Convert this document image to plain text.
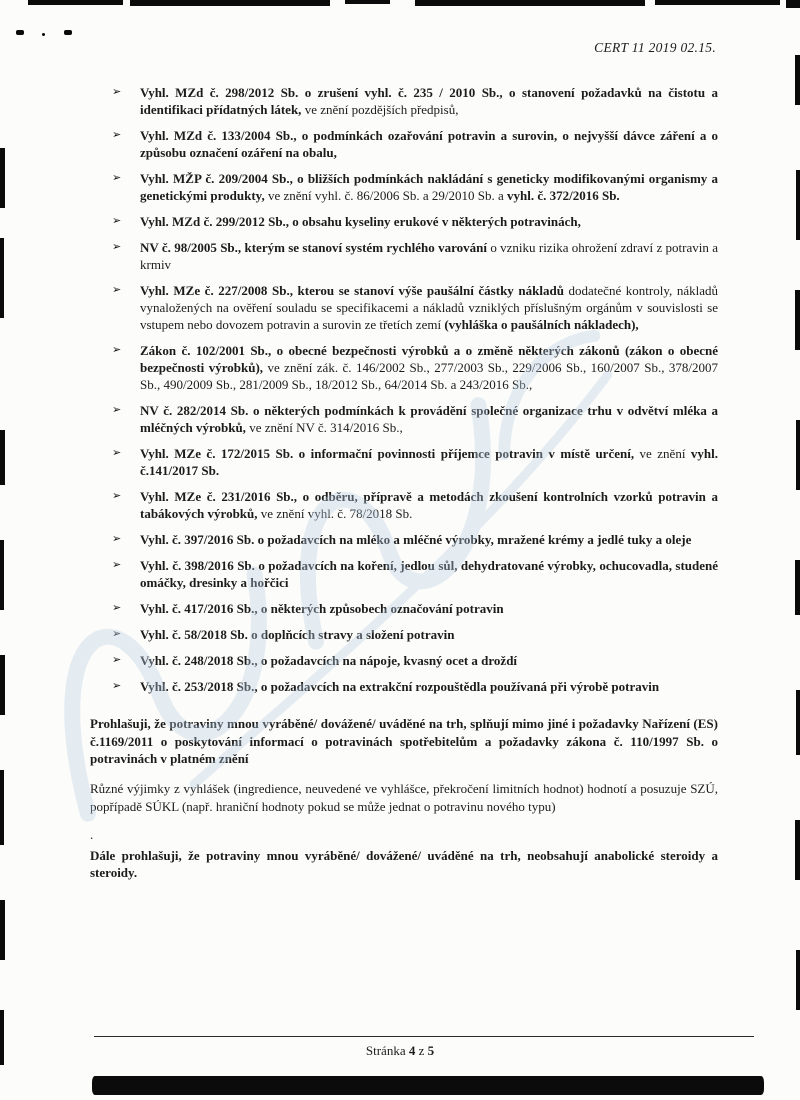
CERT 11 2019 02.15.
➢ Vyhl. MZd č. 298/2012 Sb. o zrušení vyhl. č. 235 / 2010 Sb., o stanovení požadavků na čistotu a identifikaci přídatných látek, ve znění pozdějších předpisů,
➢ Vyhl. MZd č. 133/2004 Sb., o podmínkách ozařování potravin a surovin, o nejvyšší dávce záření a o způsobu označení ozáření na obalu,
➢ Vyhl. MŽP č. 209/2004 Sb., o bližších podmínkách nakládání s geneticky modifikovanými organismy a genetickými produkty, ve znění vyhl. č. 86/2006 Sb. a 29/2010 Sb. a vyhl. č. 372/2016 Sb.
➢ Vyhl. MZd č. 299/2012 Sb., o obsahu kyseliny erukové v některých potravinách,
➢ NV č. 98/2005 Sb., kterým se stanoví systém rychlého varování o vzniku rizika ohrožení zdraví z potravin a krmiv
➢ Vyhl. MZe č. 227/2008 Sb., kterou se stanoví výše paušální částky nákladů dodatečné kontroly, nákladů vynaložených na ověření souladu se specifikacemi a nákladů vzniklých příslušným orgánům v souvislosti se vstupem nebo dovozem potravin a surovin ze třetích zemí (vyhláška o paušálních nákladech),
➢ Zákon č. 102/2001 Sb., o obecné bezpečnosti výrobků a o změně některých zákonů (zákon o obecné bezpečnosti výrobků), ve znění zák. č. 146/2002 Sb., 277/2003 Sb., 229/2006 Sb., 160/2007 Sb., 378/2007 Sb., 490/2009 Sb., 281/2009 Sb., 18/2012 Sb., 64/2014 Sb. a 243/2016 Sb.,
➢ NV č. 282/2014 Sb. o některých podmínkách k provádění společné organizace trhu v odvětví mléka a mléčných výrobků, ve znění NV č. 314/2016 Sb.,
➢ Vyhl. MZe č. 172/2015 Sb. o informační povinnosti příjemce potravin v místě určení, ve znění vyhl. č.141/2017 Sb.
➢ Vyhl. MZe č. 231/2016 Sb., o odběru, přípravě a metodách zkoušení kontrolních vzorků potravin a tabákových výrobků, ve znění vyhl. č. 78/2018 Sb.
➢ Vyhl. č. 397/2016 Sb. o požadavcích na mléko a mléčné výrobky, mražené krémy a jedlé tuky a oleje
➢ Vyhl. č. 398/2016 Sb. o požadavcích na koření, jedlou sůl, dehydratované výrobky, ochucovadla, studené omáčky, dresinky a hořčici
➢ Vyhl. č. 417/2016 Sb., o některých způsobech označování potravin
➢ Vyhl. č. 58/2018 Sb. o doplňcích stravy a složení potravin
➢ Vyhl. č. 248/2018 Sb., o požadavcích na nápoje, kvasný ocet a droždí
➢ Vyhl. č. 253/2018 Sb., o požadavcích na extrakční rozpouštědla používaná při výrobě potravin

Prohlašuji, že potraviny mnou vyráběné/ dovážené/ uváděné na trh, splňují mimo jiné i požadavky Nařízení (ES) č.1169/2011 o poskytování informací o potravinách spotřebitelům a požadavky zákona č. 110/1997 Sb. o potravinách v platném znění

Různé výjimky z vyhlášek (ingredience, neuvedené ve vyhlášce, překročení limitních hodnot) hodnotí a posuzuje SZÚ, popřípadě SÚKL (např. hraniční hodnoty pokud se může jednat o potravinu nového typu)

.

Dále prohlašuji, že potraviny mnou vyráběné/ dovážené/ uváděné na trh, neobsahují anabolické steroidy a steroidy.

Stránka 4 z 5
